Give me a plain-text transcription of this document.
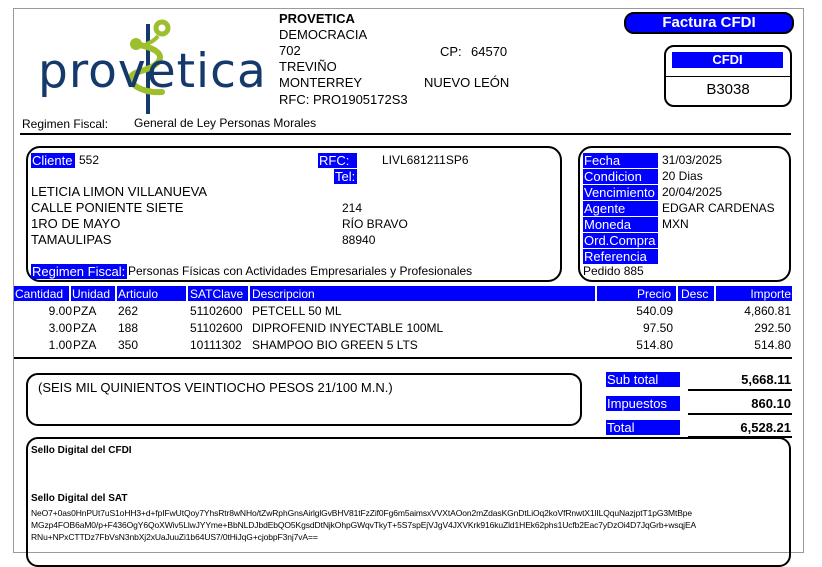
provetica
PROVETICA
DEMOCRACIA
702	CP: 64570
TREVIÑO
MONTERREY	NUEVO LEÓN
RFC: PRO1905172S3
Factura CFDI
CFDI
B3038
Regimen Fiscal: General de Ley Personas Morales
Cliente 552	RFC:	LIVL681211SP6
Tel:
LETICIA LIMON VILLANUEVA
CALLE PONIENTE SIETE	214
1RO DE MAYO	RÍO BRAVO
TAMAULIPAS	88940
Regimen Fiscal: Personas Físicas con Actividades Empresariales y Profesionales
Fecha	31/03/2025
Condicion	20 Dias
Vencimiento 20/04/2025
Agente	EDGAR CARDENAS
Moneda	MXN
Ord.Compra
Referencia
Pedido 885
Cantidad Unidad Articulo	SATClave Descripcion	Precio Desc	Importe
9.00 PZA 262	51102600 PETCELL 50 ML	540.09	4,860.81
3.00 PZA 188	51102600 DIPROFENID INYECTABLE 100ML	97.50	292.50
1.00 PZA 350	10111302 SHAMPOO BIO GREEN 5 LTS	514.80	514.80
(SEIS MIL QUINIENTOS VEINTIOCHO PESOS 21/100 M.N.)
Sub total	5,668.11
Impuestos	860.10
Total	6,528.21
Sello Digital del CFDI
Sello Digital del SAT
NeO7+0as0HnPUt7uS1oHH3+d+fpIFwUtQoy7YhsRtr8wNHo/tZwRphGnsAirlglGvBHV81tFzZif0Fg6m5aimsxVVXtAOon2mZdasKGnDtLiOq2koVfRnwtX1lILQquNazjptT1pG3MtBpe
MGzp4FOB6aM0/p+F436OgY6QoXWiv5LlwJYYme+BbNLDJbdEbQO5KgsdDtNjkOhpGWqvTkyT+5S7spEjVJgV4JXVKrk916kuZld1HEk62phs1Ucfb2Eac7yDzOi4D7JqGrb+wsqjEA
RNu+NPxCTTDz7FbVsN3nbXj2xUaJuuZi1b64US7/0tHiJqG+cjobpF3nj7vA==
